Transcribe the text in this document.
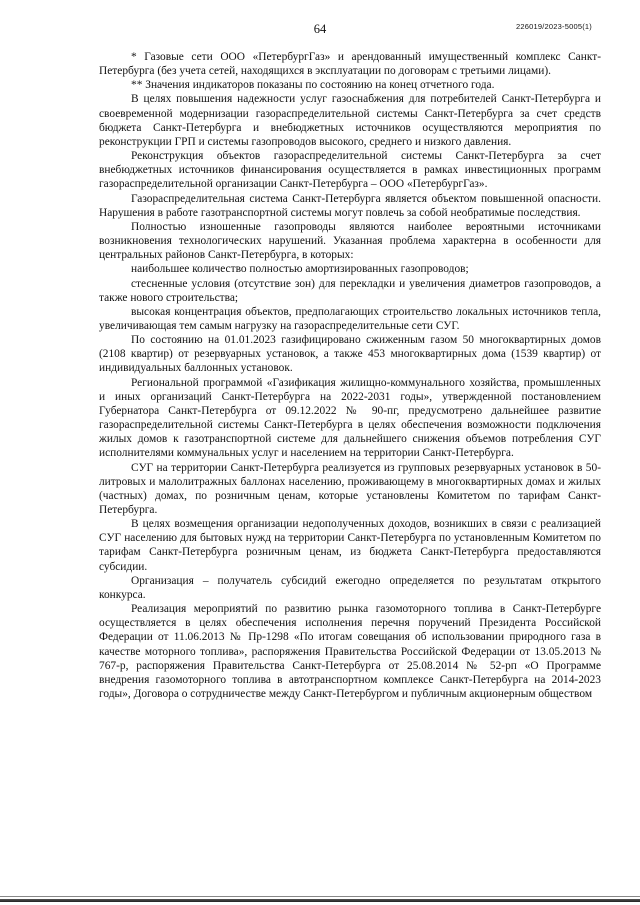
64	226019/2023-5005(1)

* Газовые сети ООО «ПетербургГаз» и арендованный имущественный комплекс Санкт-Петербурга (без учета сетей, находящихся в эксплуатации по договорам с третьими лицами).

** Значения индикаторов показаны по состоянию на конец отчетного года.

В целях повышения надежности услуг газоснабжения для потребителей Санкт-Петербурга и своевременной модернизации газораспределительной системы Санкт-Петербурга за счет средств бюджета Санкт-Петербурга и внебюджетных источников осуществляются мероприятия по реконструкции ГРП и системы газопроводов высокого, среднего и низкого давления.

Реконструкция объектов газораспределительной системы Санкт-Петербурга за счет внебюджетных источников финансирования осуществляется в рамках инвестиционных программ газораспределительной организации Санкт-Петербурга – ООО «ПетербургГаз».

Газораспределительная система Санкт-Петербурга является объектом повышенной опасности. Нарушения в работе газотранспортной системы могут повлечь за собой необратимые последствия.

Полностью изношенные газопроводы являются наиболее вероятными источниками возникновения технологических нарушений. Указанная проблема характерна в особенности для центральных районов Санкт-Петербурга, в которых:

наибольшее количество полностью амортизированных газопроводов;

стесненные условия (отсутствие зон) для перекладки и увеличения диаметров газопроводов, а также нового строительства;

высокая концентрация объектов, предполагающих строительство локальных источников тепла, увеличивающая тем самым нагрузку на газораспределительные сети СУГ.

По состоянию на 01.01.2023 газифицировано сжиженным газом 50 многоквартирных домов (2108 квартир) от резервуарных установок, а также 453 многоквартирных дома (1539 квартир) от индивидуальных баллонных установок.

Региональной программой «Газификация жилищно-коммунального хозяйства, промышленных и иных организаций Санкт-Петербурга на 2022-2031 годы», утвержденной постановлением Губернатора Санкт-Петербурга от 09.12.2022 № 90-пг, предусмотрено дальнейшее развитие газораспределительной системы Санкт-Петербурга в целях обеспечения возможности подключения жилых домов к газотранспортной системе для дальнейшего снижения объемов потребления СУГ исполнителями коммунальных услуг и населением на территории Санкт-Петербурга.

СУГ на территории Санкт-Петербурга реализуется из групповых резервуарных установок в 50-литровых и малолитражных баллонах населению, проживающему в многоквартирных домах и жилых (частных) домах, по розничным ценам, которые установлены Комитетом по тарифам Санкт-Петербурга.

В целях возмещения организации недополученных доходов, возникших в связи с реализацией СУГ населению для бытовых нужд на территории Санкт-Петербурга по установленным Комитетом по тарифам Санкт-Петербурга розничным ценам, из бюджета Санкт-Петербурга предоставляются субсидии.

Организация – получатель субсидий ежегодно определяется по результатам открытого конкурса.

Реализация мероприятий по развитию рынка газомоторного топлива в Санкт-Петербурге осуществляется в целях обеспечения исполнения перечня поручений Президента Российской Федерации от 11.06.2013 № Пр-1298 «По итогам совещания об использовании природного газа в качестве моторного топлива», распоряжения Правительства Российской Федерации от 13.05.2013 № 767-р, распоряжения Правительства Санкт-Петербурга от 25.08.2014 № 52-рп «О Программе внедрения газомоторного топлива в автотранспортном комплексе Санкт-Петербурга на 2014-2023 годы», Договора о сотрудничестве между Санкт-Петербургом и публичным акционерным обществом
